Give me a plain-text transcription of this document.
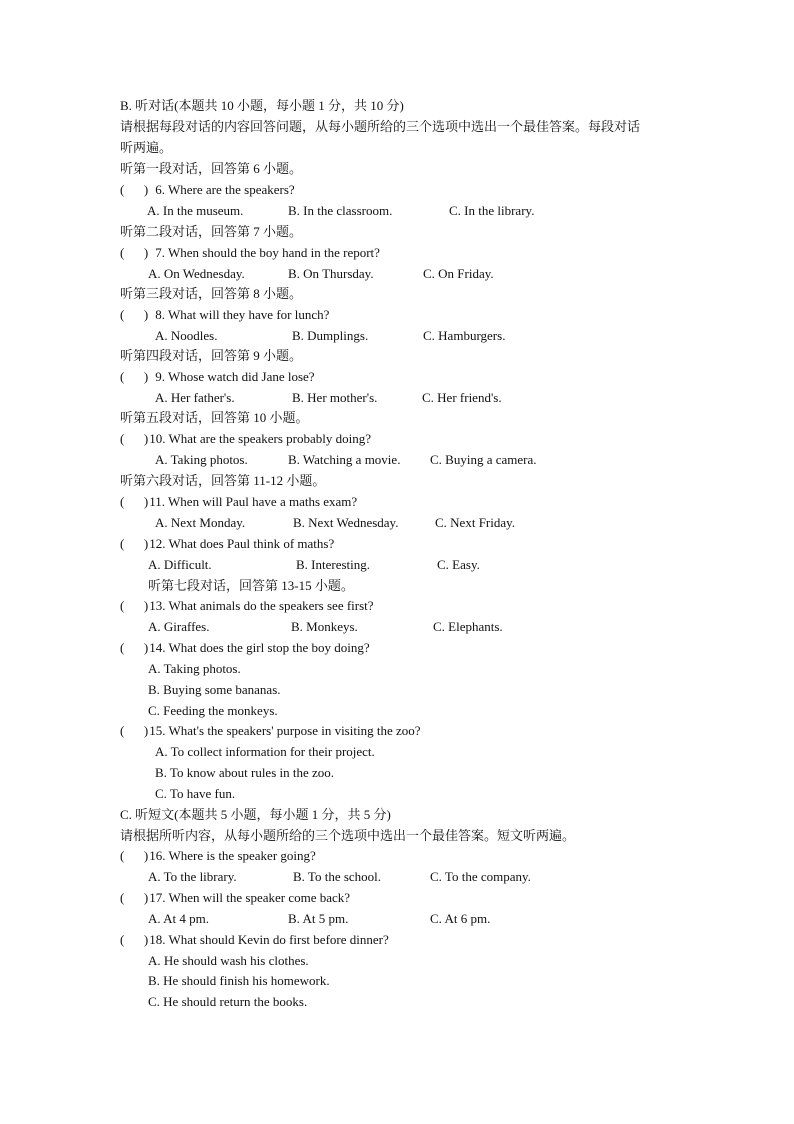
B. 听对话(本题共 10 小题，每小题 1 分，共 10 分)
请根据每段对话的内容回答问题，从每小题所给的三个选项中选出一个最佳答案。每段对话
听两遍。
听第一段对话，回答第 6 小题。
(      ) 6. Where are the speakers?
A. In the museum.	B. In the classroom.	C. In the library.
听第二段对话，回答第 7 小题。
(      ) 7. When should the boy hand in the report?
A. On Wednesday.	B. On Thursday.	C. On Friday.
听第三段对话，回答第 8 小题。
(      ) 8. What will they have for lunch?
A. Noodles.	B. Dumplings.	C. Hamburgers.
听第四段对话，回答第 9 小题。
(      ) 9. Whose watch did Jane lose?
A. Her father's.	B. Her mother's.	C. Her friend's.
听第五段对话，回答第 10 小题。
(      ) 10. What are the speakers probably doing?
A. Taking photos.	B. Watching a movie. C. Buying a camera.
听第六段对话，回答第 11-12 小题。
(      ) 11. When will Paul have a maths exam?
A. Next Monday.	B. Next Wednesday.	C. Next Friday.
(      ) 12. What does Paul think of maths?
A. Difficult.	B. Interesting.	C. Easy.
听第七段对话，回答第 13-15 小题。
(      ) 13. What animals do the speakers see first?
A. Giraffes.	B. Monkeys.	C. Elephants.
(      ) 14. What does the girl stop the boy doing?
A. Taking photos.
B. Buying some bananas.
C. Feeding the monkeys.
(      ) 15. What's the speakers' purpose in visiting the zoo?
A. To collect information for their project.
B. To know about rules in the zoo.
C. To have fun.
C. 听短文(本题共 5 小题，每小题 1 分，共 5 分)
请根据所听内容，从每小题所给的三个选项中选出一个最佳答案。短文听两遍。
(      ) 16. Where is the speaker going?
A. To the library.	B. To the school.	C. To the company.
(      ) 17. When will the speaker come back?
A. At 4 pm.	B. At 5 pm.	C. At 6 pm.
(      ) 18. What should Kevin do first before dinner?
A. He should wash his clothes.
B. He should finish his homework.
C. He should return the books.
